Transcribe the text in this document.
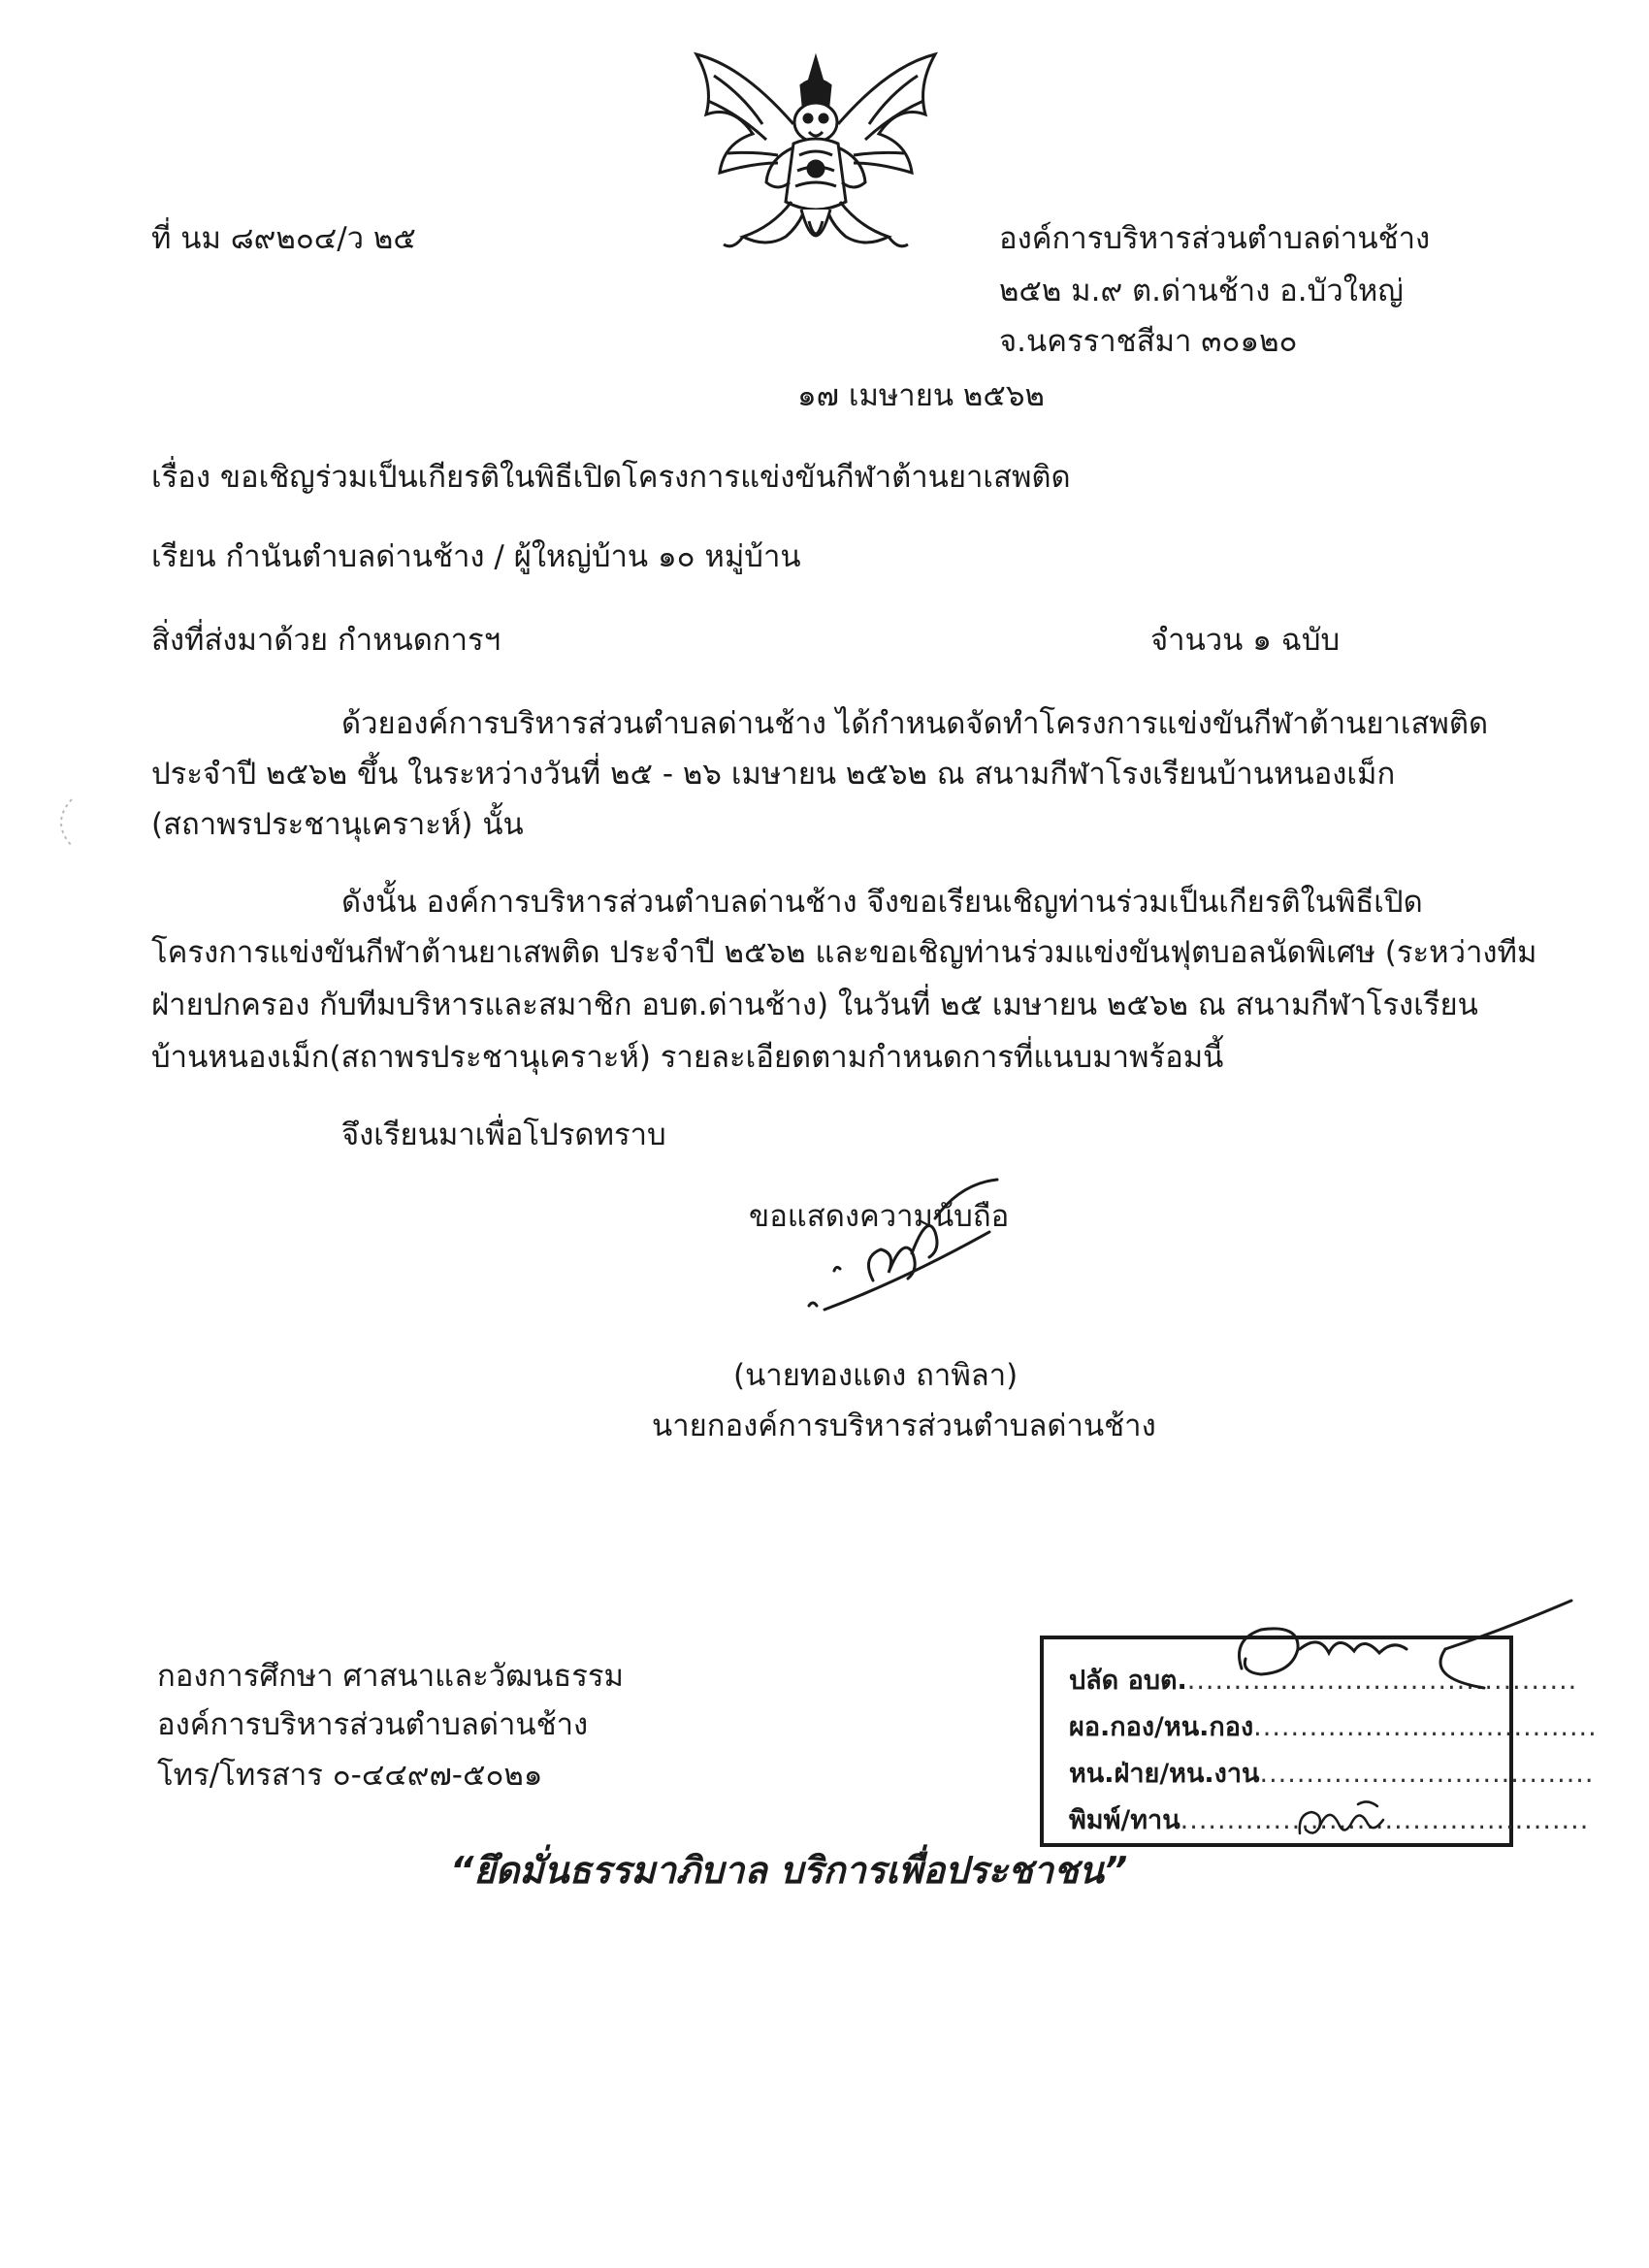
ที่ นม ๘๙๒๐๔/ว ๒๕	องค์การบริหารส่วนตำบลด่านช้าง
๒๕๒ ม.๙ ต.ด่านช้าง อ.บัวใหญ่
จ.นครราชสีมา ๓๐๑๒๐
๑๗ เมษายน ๒๕๖๒
เรื่อง ขอเชิญร่วมเป็นเกียรติในพิธีเปิดโครงการแข่งขันกีฬาต้านยาเสพติด
เรียน กำนันตำบลด่านช้าง / ผู้ใหญ่บ้าน ๑๐ หมู่บ้าน
สิ่งที่ส่งมาด้วย กำหนดการฯ	จำนวน ๑ ฉบับ
ด้วยองค์การบริหารส่วนตำบลด่านช้าง ได้กำหนดจัดทำโครงการแข่งขันกีฬาต้านยาเสพติด
ประจำปี ๒๕๖๒ ขึ้น ในระหว่างวันที่ ๒๕ - ๒๖ เมษายน ๒๕๖๒ ณ สนามกีฬาโรงเรียนบ้านหนองเม็ก
(สถาพรประชานุเคราะห์) นั้น
ดังนั้น องค์การบริหารส่วนตำบลด่านช้าง จึงขอเรียนเชิญท่านร่วมเป็นเกียรติในพิธีเปิด
โครงการแข่งขันกีฬาต้านยาเสพติด ประจำปี ๒๕๖๒ และขอเชิญท่านร่วมแข่งขันฟุตบอลนัดพิเศษ (ระหว่างทีม
ฝ่ายปกครอง กับทีมบริหารและสมาชิก อบต.ด่านช้าง) ในวันที่ ๒๕ เมษายน ๒๕๖๒ ณ สนามกีฬาโรงเรียน
บ้านหนองเม็ก(สถาพรประชานุเคราะห์) รายละเอียดตามกำหนดการที่แนบมาพร้อมนี้
จึงเรียนมาเพื่อโปรดทราบ
ขอแสดงความนับถือ
(นายทองแดง ถาพิลา)
นายกองค์การบริหารส่วนตำบลด่านช้าง
กองการศึกษา ศาสนาและวัฒนธรรม
องค์การบริหารส่วนตำบลด่านช้าง
โทร/โทรสาร ๐-๔๔๙๗-๕๐๒๑
“ยึดมั่นธรรมาภิบาล บริการเพื่อประชาชน”
ปลัด อบต...........................................
ผอ.กอง/หน.กอง.....................................
หน.ฝ่าย/หน.งาน....................................
พิมพ์/ทาน............................................
